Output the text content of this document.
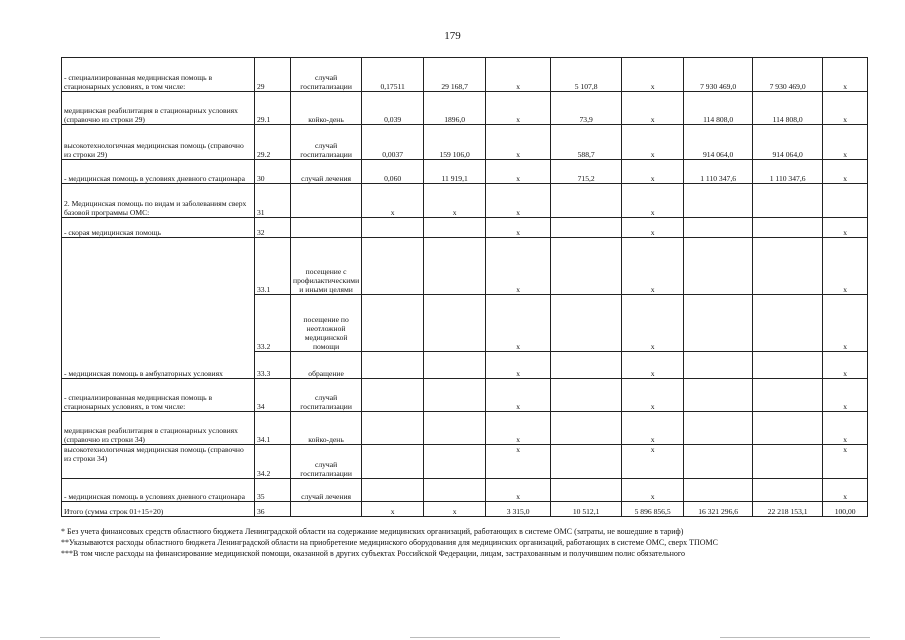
179
- специализированная медицинская помощь в стационарных условиях, в том числе:	29	случай госпитализации	0,17511	29 168,7	x	5 107,8	x	7 930 469,0	7 930 469,0	x
медицинская реабилитация в стационарных условиях (справочно из строки 29)	29.1	койко-день	0,039	1896,0	x	73,9	x	114 808,0	114 808,0	x
высокотехнологичная медицинская помощь (справочно из строки 29)	29.2	случай госпитализации	0,0037	159 106,0	x	588,7	x	914 064,0	914 064,0	x
- медицинская помощь в условиях дневного стационара	30	случай лечения	0,060	11 919,1	x	715,2	x	1 110 347,6	1 110 347,6	x
2. Медицинская помощь по видам и заболеваниям сверх базовой программы ОМС:	31		x	x	x		x			
- скорая медицинская помощь	32				x		x			x
- медицинская помощь в амбулаторных условиях	33.1	посещение с профилактическими и иными целями			x		x			x
	33.2	посещение по неотложной медицинской помощи			x		x			x
	33.3	обращение			x		x			x
- специализированная медицинская помощь в стационарных условиях, в том числе:	34	случай госпитализации			x		x			x
медицинская реабилитация в стационарных условиях (справочно из строки 34)	34.1	койко-день			x		x			x
высокотехнологичная медицинская помощь (справочно из строки 34)	34.2	случай госпитализации			x		x			x
- медицинская помощь в условиях дневного стационара	35	случай лечения			x		x			x
Итого (сумма строк 01+15+20)	36		x	x	3 315,0	10 512,1	5 896 856,5	16 321 296,6	22 218 153,1	100,00

* Без учета финансовых средств областного бюджета Ленинградской области на содержание медицинских организаций, работающих в системе ОМС (затраты, не вошедшие в тариф)

**Указываются расходы областного бюджета Ленинградской области на приобретение медицинского оборудования для медицинских организаций, работающих в системе ОМС, сверх ТПОМС

***В том числе расходы на финансирование медицинской помощи, оказанной в других субъектах Российской Федерации, лицам, застрахованным и получившим полис обязательного
